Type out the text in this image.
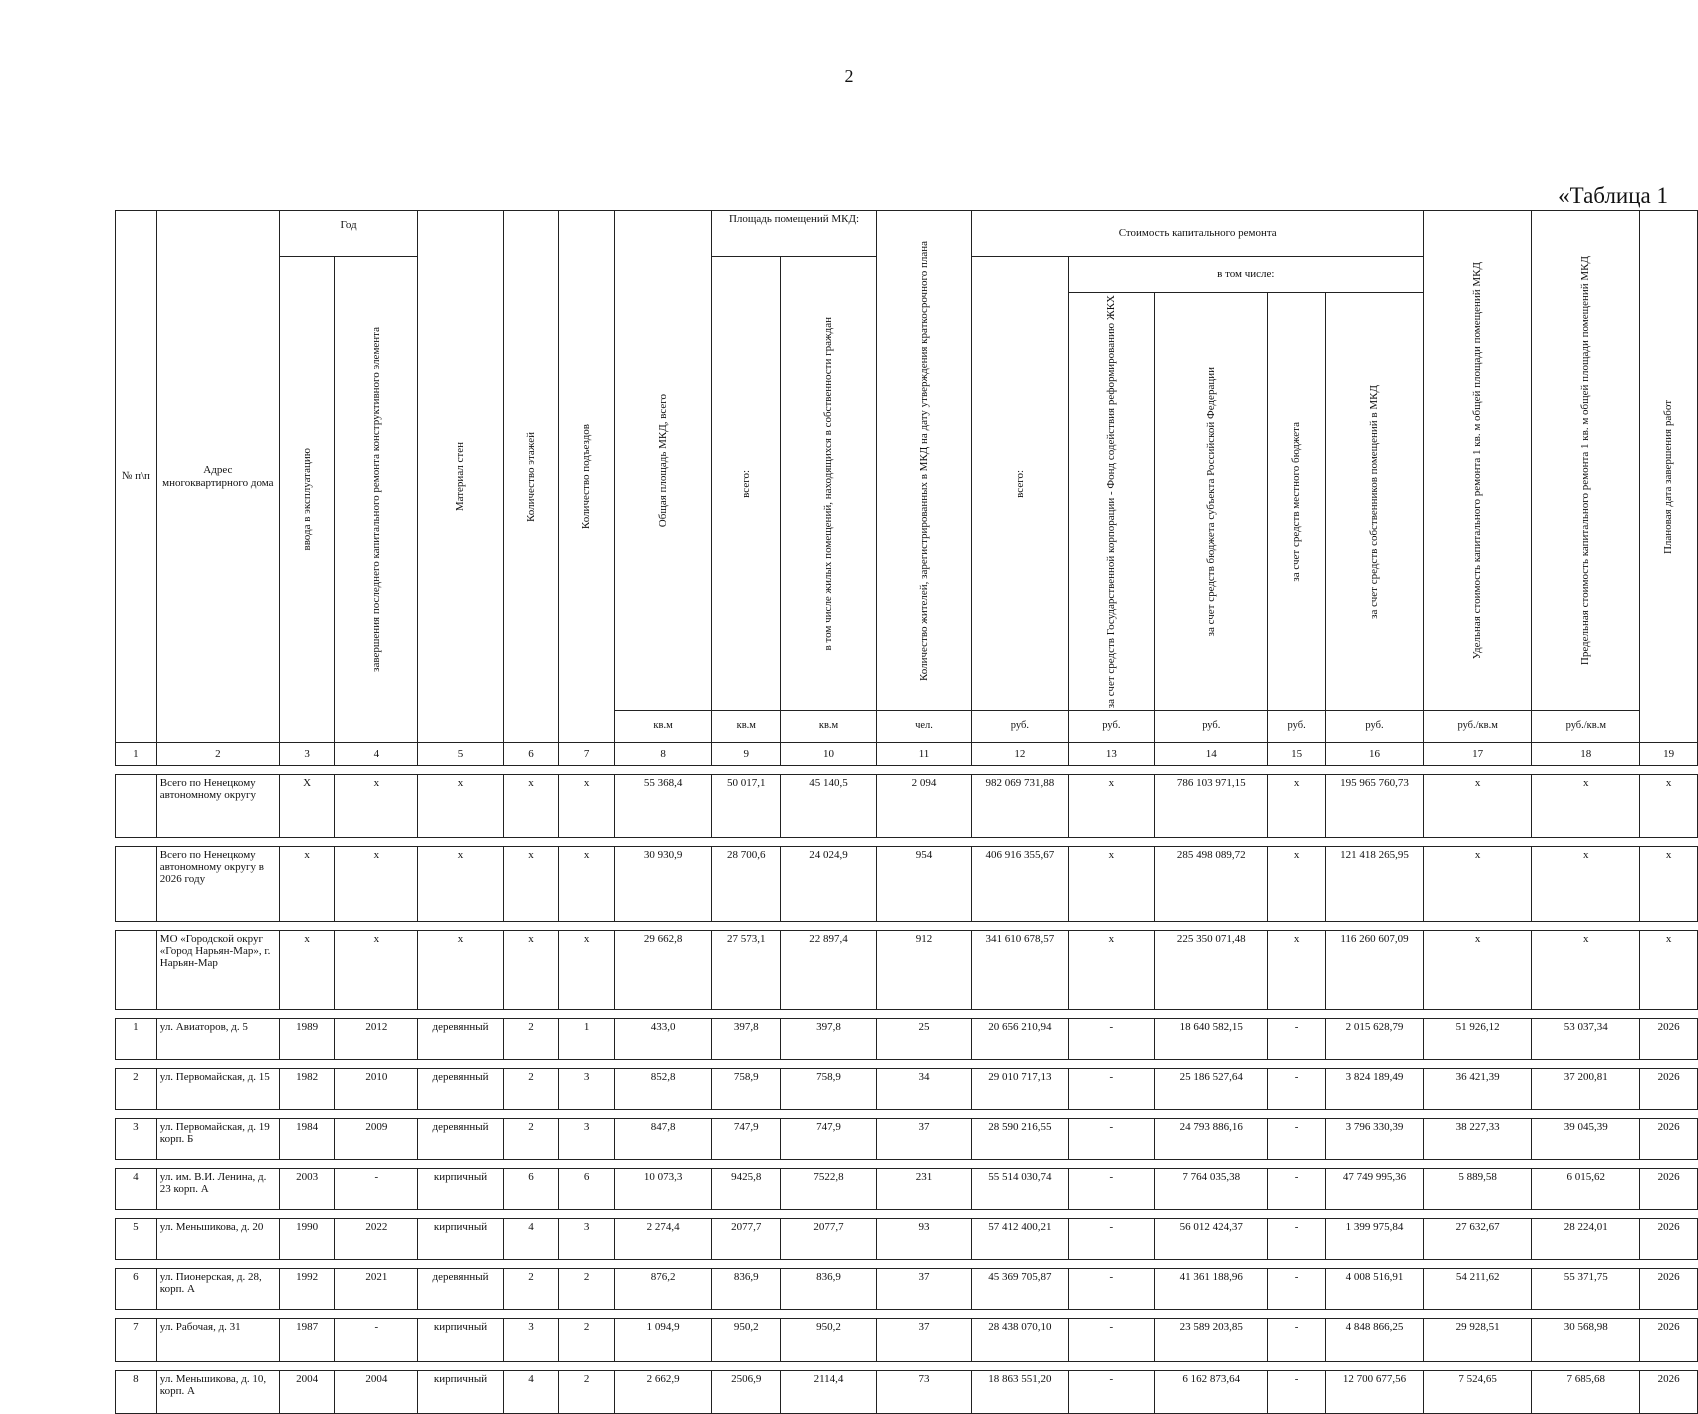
2
«Таблица 1
№ п\п	Адрес многоквартирного дома	Год		Материал стен	Количество этажей	Количество подъездов	Общая площадь МКД, всего	Площадь помещений МКД:		Количество жителей, зарегистрированных в МКД на дату утверждения краткосрочного плана	Стоимость капитального ремонта					Удельная стоимость капитального ремонта 1 кв. м общей площади помещений МКД	Предельная стоимость капитального ремонта 1 кв. м общей площади помещений МКД	Плановая дата завершения работ

		ввода в эксплуатацию	завершения последнего капитального ремонта конструктивного элемента					всего:	в том числе жилых помещений, находящихся в собственности граждан		всего:	в том числе:						

												за счет средств Государственной корпорации - Фонд содействия реформированию ЖКХ	за счет средств бюджета субъекта Российской Федерации	за счет средств местного бюджета	за счет средств собственников помещений в МКД			

							кв.м	кв.м	кв.м	чел.	руб.	руб.	руб.	руб.	руб.	руб./кв.м	руб./кв.м	
1	2	3	4	5	6	7	8	9	10	11	12	13	14	15	16	17	18	19

	Всего по Ненецкому автономному округу	Х	х	х	х	х	55 368,4	50 017,1	45 140,5	2 094	982 069 731,88	х	786 103 971,15	х	195 965 760,73	х	х	х

	Всего по Ненецкому автономному округу в 2026 году	х	х	х	х	х	30 930,9	28 700,6	24 024,9	954	406 916 355,67	х	285 498 089,72	х	121 418 265,95	х	х	х

	МО «Городской округ «Город Нарьян-Мар», г. Нарьян-Мар	х	х	х	х	х	29 662,8	27 573,1	22 897,4	912	341 610 678,57	х	225 350 071,48	х	116 260 607,09	х	х	х

1	ул. Авиаторов, д. 5	1989	2012	деревянный	2	1	433,0	397,8	397,8	25	20 656 210,94	-	18 640 582,15	-	2 015 628,79	51 926,12	53 037,34	2026

2	ул. Первомайская, д. 15	1982	2010	деревянный	2	3	852,8	758,9	758,9	34	29 010 717,13	-	25 186 527,64	-	3 824 189,49	36 421,39	37 200,81	2026

3	ул. Первомайская, д. 19 корп. Б	1984	2009	деревянный	2	3	847,8	747,9	747,9	37	28 590 216,55	-	24 793 886,16	-	3 796 330,39	38 227,33	39 045,39	2026

4	ул. им. В.И. Ленина, д. 23 корп. А	2003	-	кирпичный	6	6	10 073,3	9425,8	7522,8	231	55 514 030,74	-	7 764 035,38	-	47 749 995,36	5 889,58	6 015,62	2026

5	ул. Меньшикова, д. 20	1990	2022	кирпичный	4	3	2 274,4	2077,7	2077,7	93	57 412 400,21	-	56 012 424,37	-	1 399 975,84	27 632,67	28 224,01	2026

6	ул. Пионерская, д. 28, корп. А	1992	2021	деревянный	2	2	876,2	836,9	836,9	37	45 369 705,87	-	41 361 188,96	-	4 008 516,91	54 211,62	55 371,75	2026

7	ул. Рабочая, д. 31	1987	-	кирпичный	3	2	1 094,9	950,2	950,2	37	28 438 070,10	-	23 589 203,85	-	4 848 866,25	29 928,51	30 568,98	2026

8	ул. Меньшикова, д. 10, корп. А	2004	2004	кирпичный	4	2	2 662,9	2506,9	2114,4	73	18 863 551,20	-	6 162 873,64	-	12 700 677,56	7 524,65	7 685,68	2026
